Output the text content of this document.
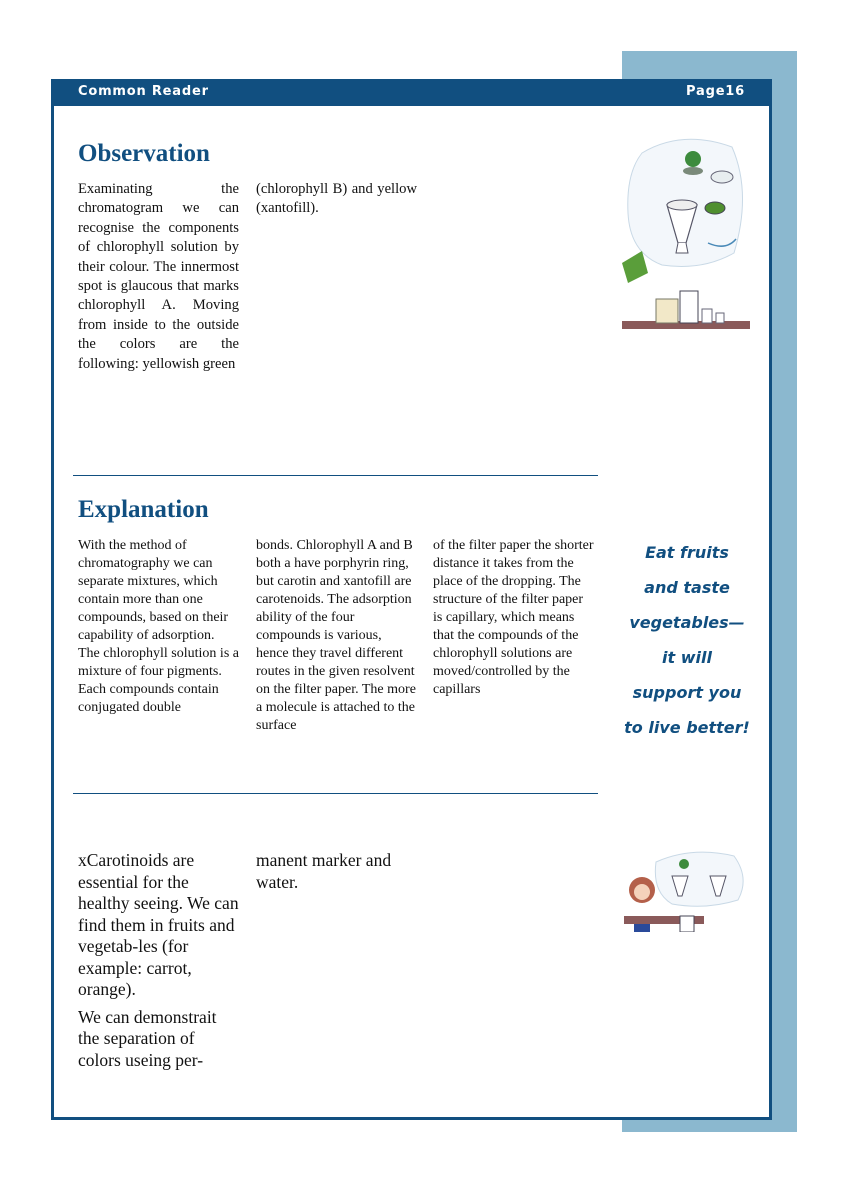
Common Reader	Page16
Observation

Examinating the chromatogram we can recognise the components of chlorophyll solution by their colour. The innermost spot is glaucous that marks chlorophyll A. Moving from inside to the outside the colors are the following: yellowish green

(chlorophyll B) and yellow (xantofill).

Explanation

With the method of chromatography we can separate mixtures, which contain more than one compounds, based on their capability of adsorption. The chlorophyll solution is a mixture of four pigments. Each compounds contain conjugated double

bonds. Chlorophyll A and B both a have porphyrin ring, but carotin and xantofill are carotenoids. The adsorption ability of the four compounds is various, hence they travel different routes in the given resolvent on the filter paper. The more a molecule is attached to the surface

of the filter paper the shorter distance it takes from the place of the dropping. The structure of the filter paper is capillary, which means that the compounds of the chlorophyll solutions are moved/controlled by the capillars

Eat fruits
and taste
vegetables—
it will
support you
to live better!

xCarotinoids are essential for the healthy seeing. We can find them in fruits and vegetab-les (for example: carrot, orange).

We can demonstrait the separation of colors useing per-

manent marker and water.
